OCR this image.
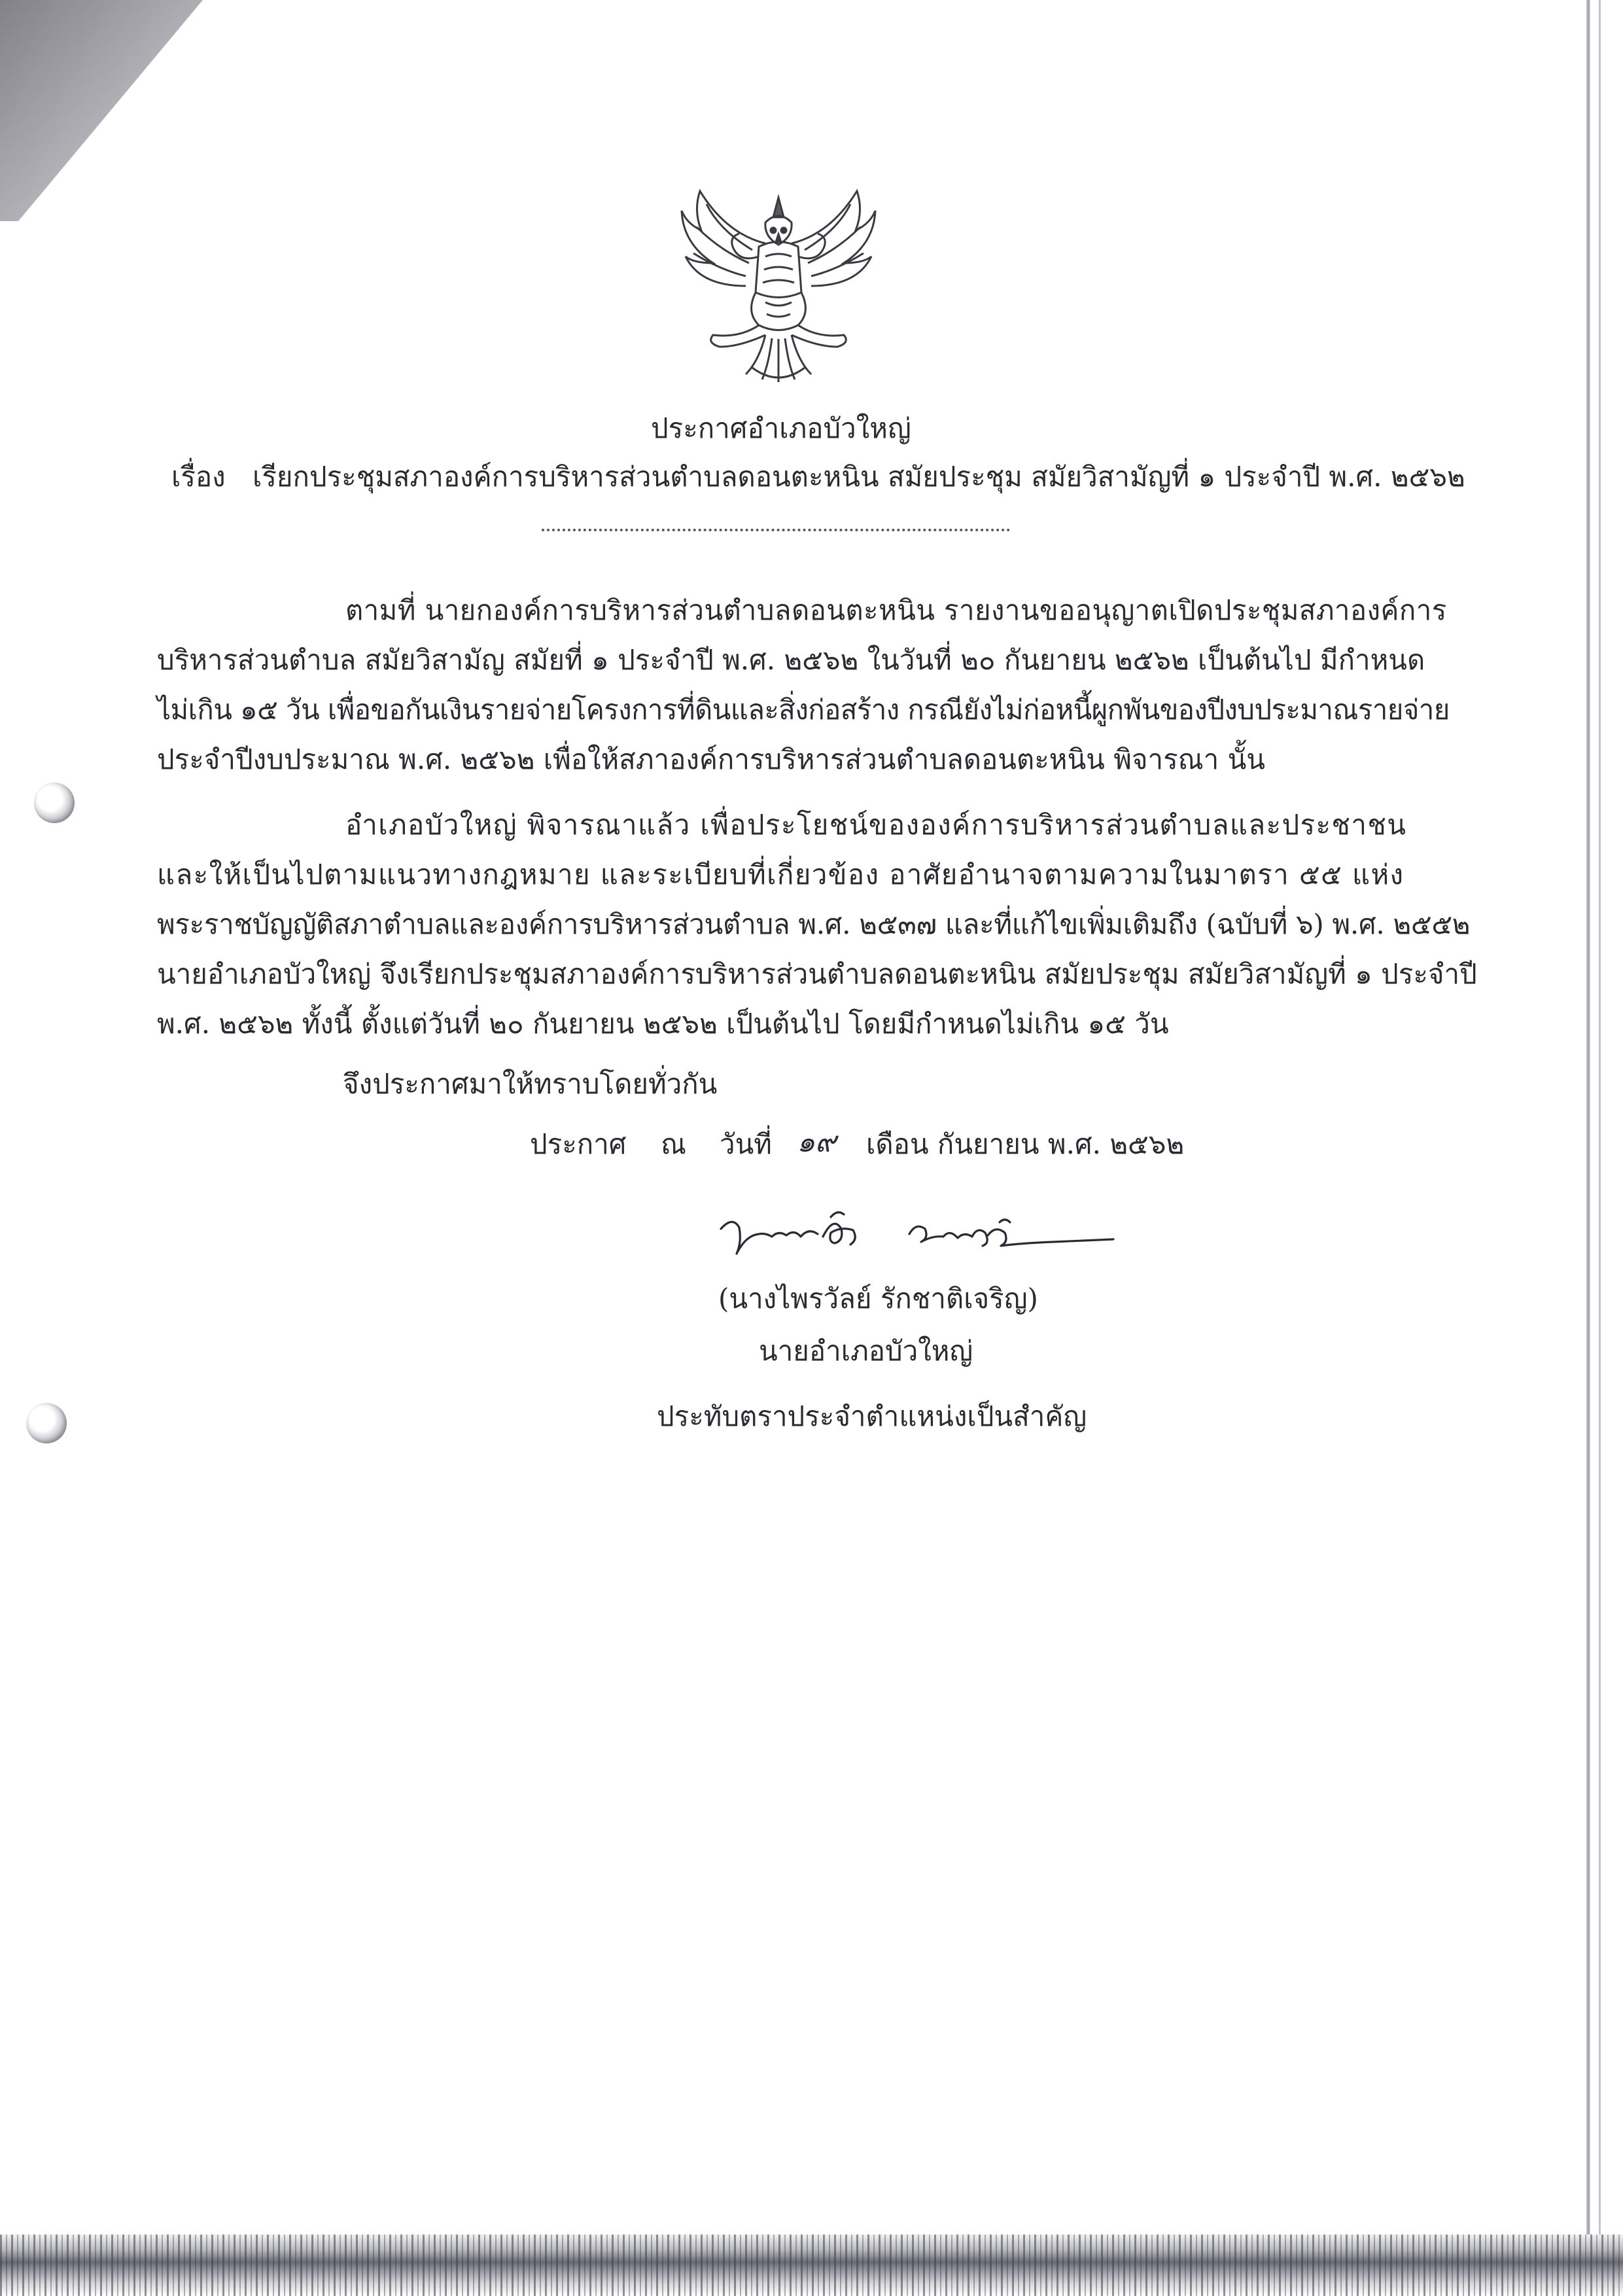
ประกาศอำเภอบัวใหญ่
เรื่อง เรียกประชุมสภาองค์การบริหารส่วนตำบลดอนตะหนิน สมัยประชุม สมัยวิสามัญที่ ๑ ประจำปี พ.ศ. ๒๕๖๒
ตามที่ นายกองค์การบริหารส่วนตำบลดอนตะหนิน รายงานขออนุญาตเปิดประชุมสภาองค์การ
บริหารส่วนตำบล สมัยวิสามัญ สมัยที่ ๑ ประจำปี พ.ศ. ๒๕๖๒ ในวันที่ ๒๐ กันยายน ๒๕๖๒ เป็นต้นไป มีกำหนด
ไม่เกิน ๑๕ วัน เพื่อขอกันเงินรายจ่ายโครงการที่ดินและสิ่งก่อสร้าง กรณียังไม่ก่อหนี้ผูกพันของปีงบประมาณรายจ่าย
ประจำปีงบประมาณ พ.ศ. ๒๕๖๒ เพื่อให้สภาองค์การบริหารส่วนตำบลดอนตะหนิน พิจารณา นั้น
อำเภอบัวใหญ่ พิจารณาแล้ว เพื่อประโยชน์ขององค์การบริหารส่วนตำบลและประชาชน
และให้เป็นไปตามแนวทางกฎหมาย และระเบียบที่เกี่ยวข้อง อาศัยอำนาจตามความในมาตรา ๕๕ แห่ง
พระราชบัญญัติสภาตำบลและองค์การบริหารส่วนตำบล พ.ศ. ๒๕๓๗ และที่แก้ไขเพิ่มเติมถึง (ฉบับที่ ๖) พ.ศ. ๒๕๕๒
นายอำเภอบัวใหญ่ จึงเรียกประชุมสภาองค์การบริหารส่วนตำบลดอนตะหนิน สมัยประชุม สมัยวิสามัญที่ ๑ ประจำปี
พ.ศ. ๒๕๖๒ ทั้งนี้ ตั้งแต่วันที่ ๒๐ กันยายน ๒๕๖๒ เป็นต้นไป โดยมีกำหนดไม่เกิน ๑๕ วัน
จึงประกาศมาให้ทราบโดยทั่วกัน
ประกาศ ณ วันที่ ๑๙ เดือน กันยายน พ.ศ. ๒๕๖๒
(นางไพรวัลย์ รักชาติเจริญ)
นายอำเภอบัวใหญ่
ประทับตราประจำตำแหน่งเป็นสำคัญ
